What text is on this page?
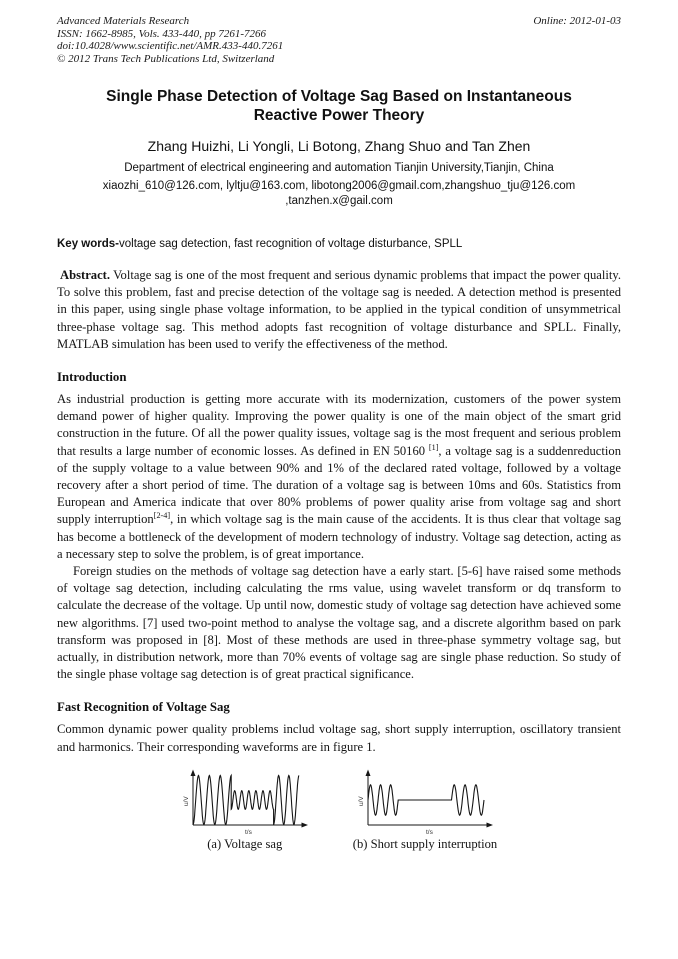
Advanced Materials Research
ISSN: 1662-8985, Vols. 433-440, pp 7261-7266
doi:10.4028/www.scientific.net/AMR.433-440.7261
© 2012 Trans Tech Publications Ltd, Switzerland
Online: 2012-01-03
Single Phase Detection of Voltage Sag Based on Instantaneous
Reactive Power Theory
Zhang Huizhi, Li Yongli, Li Botong, Zhang Shuo and Tan Zhen
Department of electrical engineering and automation Tianjin University,Tianjin, China
xiaozhi_610@126.com, lyltju@163.com, libotong2006@gmail.com,zhangshuo_tju@126.com
,tanzhen.x@gail.com
Key words-voltage sag detection, fast recognition of voltage disturbance, SPLL

Abstract. Voltage sag is one of the most frequent and serious dynamic problems that impact the power quality. To solve this problem, fast and precise detection of the voltage sag is needed. A detection method is presented in this paper, using single phase voltage information, to be applied in the typical condition of unsymmetrical three-phase voltage sag. This method adopts fast recognition of voltage disturbance and SPLL. Finally, MATLAB simulation has been used to verify the effectiveness of the method.

Introduction

As industrial production is getting more accurate with its modernization, customers of the power system demand power of higher quality. Improving the power quality is one of the main object of the smart grid construction in the future. Of all the power quality issues, voltage sag is the most frequent and serious problem that results a large number of economic losses. As defined in EN 50160 [1], a voltage sag is a suddenreduction of the supply voltage to a value between 90% and 1% of the declared rated voltage, followed by a voltage recovery after a short period of time. The duration of a voltage sag is between 10ms and 60s. Statistics from European and America indicate that over 80% problems of power quality arise from voltage sag and short supply interruption[2-4], in which voltage sag is the main cause of the accidents. It is thus clear that voltage sag has become a bottleneck of the development of modern technology of industry. Voltage sag detection, acting as a necessary step to solve the problem, is of great importance.

Foreign studies on the methods of voltage sag detection have a early start. [5-6] have raised some methods of voltage sag detection, including calculating the rms value, using wavelet transform or dq transform to calculate the decrease of the voltage. Up until now, domestic study of voltage sag detection have achieved some new algorithms. [7] used two-point method to analyse the voltage sag, and a discrete algorithm based on park transform was proposed in [8]. Most of these methods are used in three-phase symmetry voltage sag, but actually, in distribution network, more than 70% events of voltage sag are single phase reduction. So study of the single phase voltage sag detection is of great practical significance.

Fast Recognition of Voltage Sag

Common dynamic power quality problems includ voltage sag, short supply interruption, oscillatory transient and harmonics. Their corresponding waveforms are in figure 1.

u/V
t/s
(a) Voltage sag
u/V
t/s
(b) Short supply interruption
